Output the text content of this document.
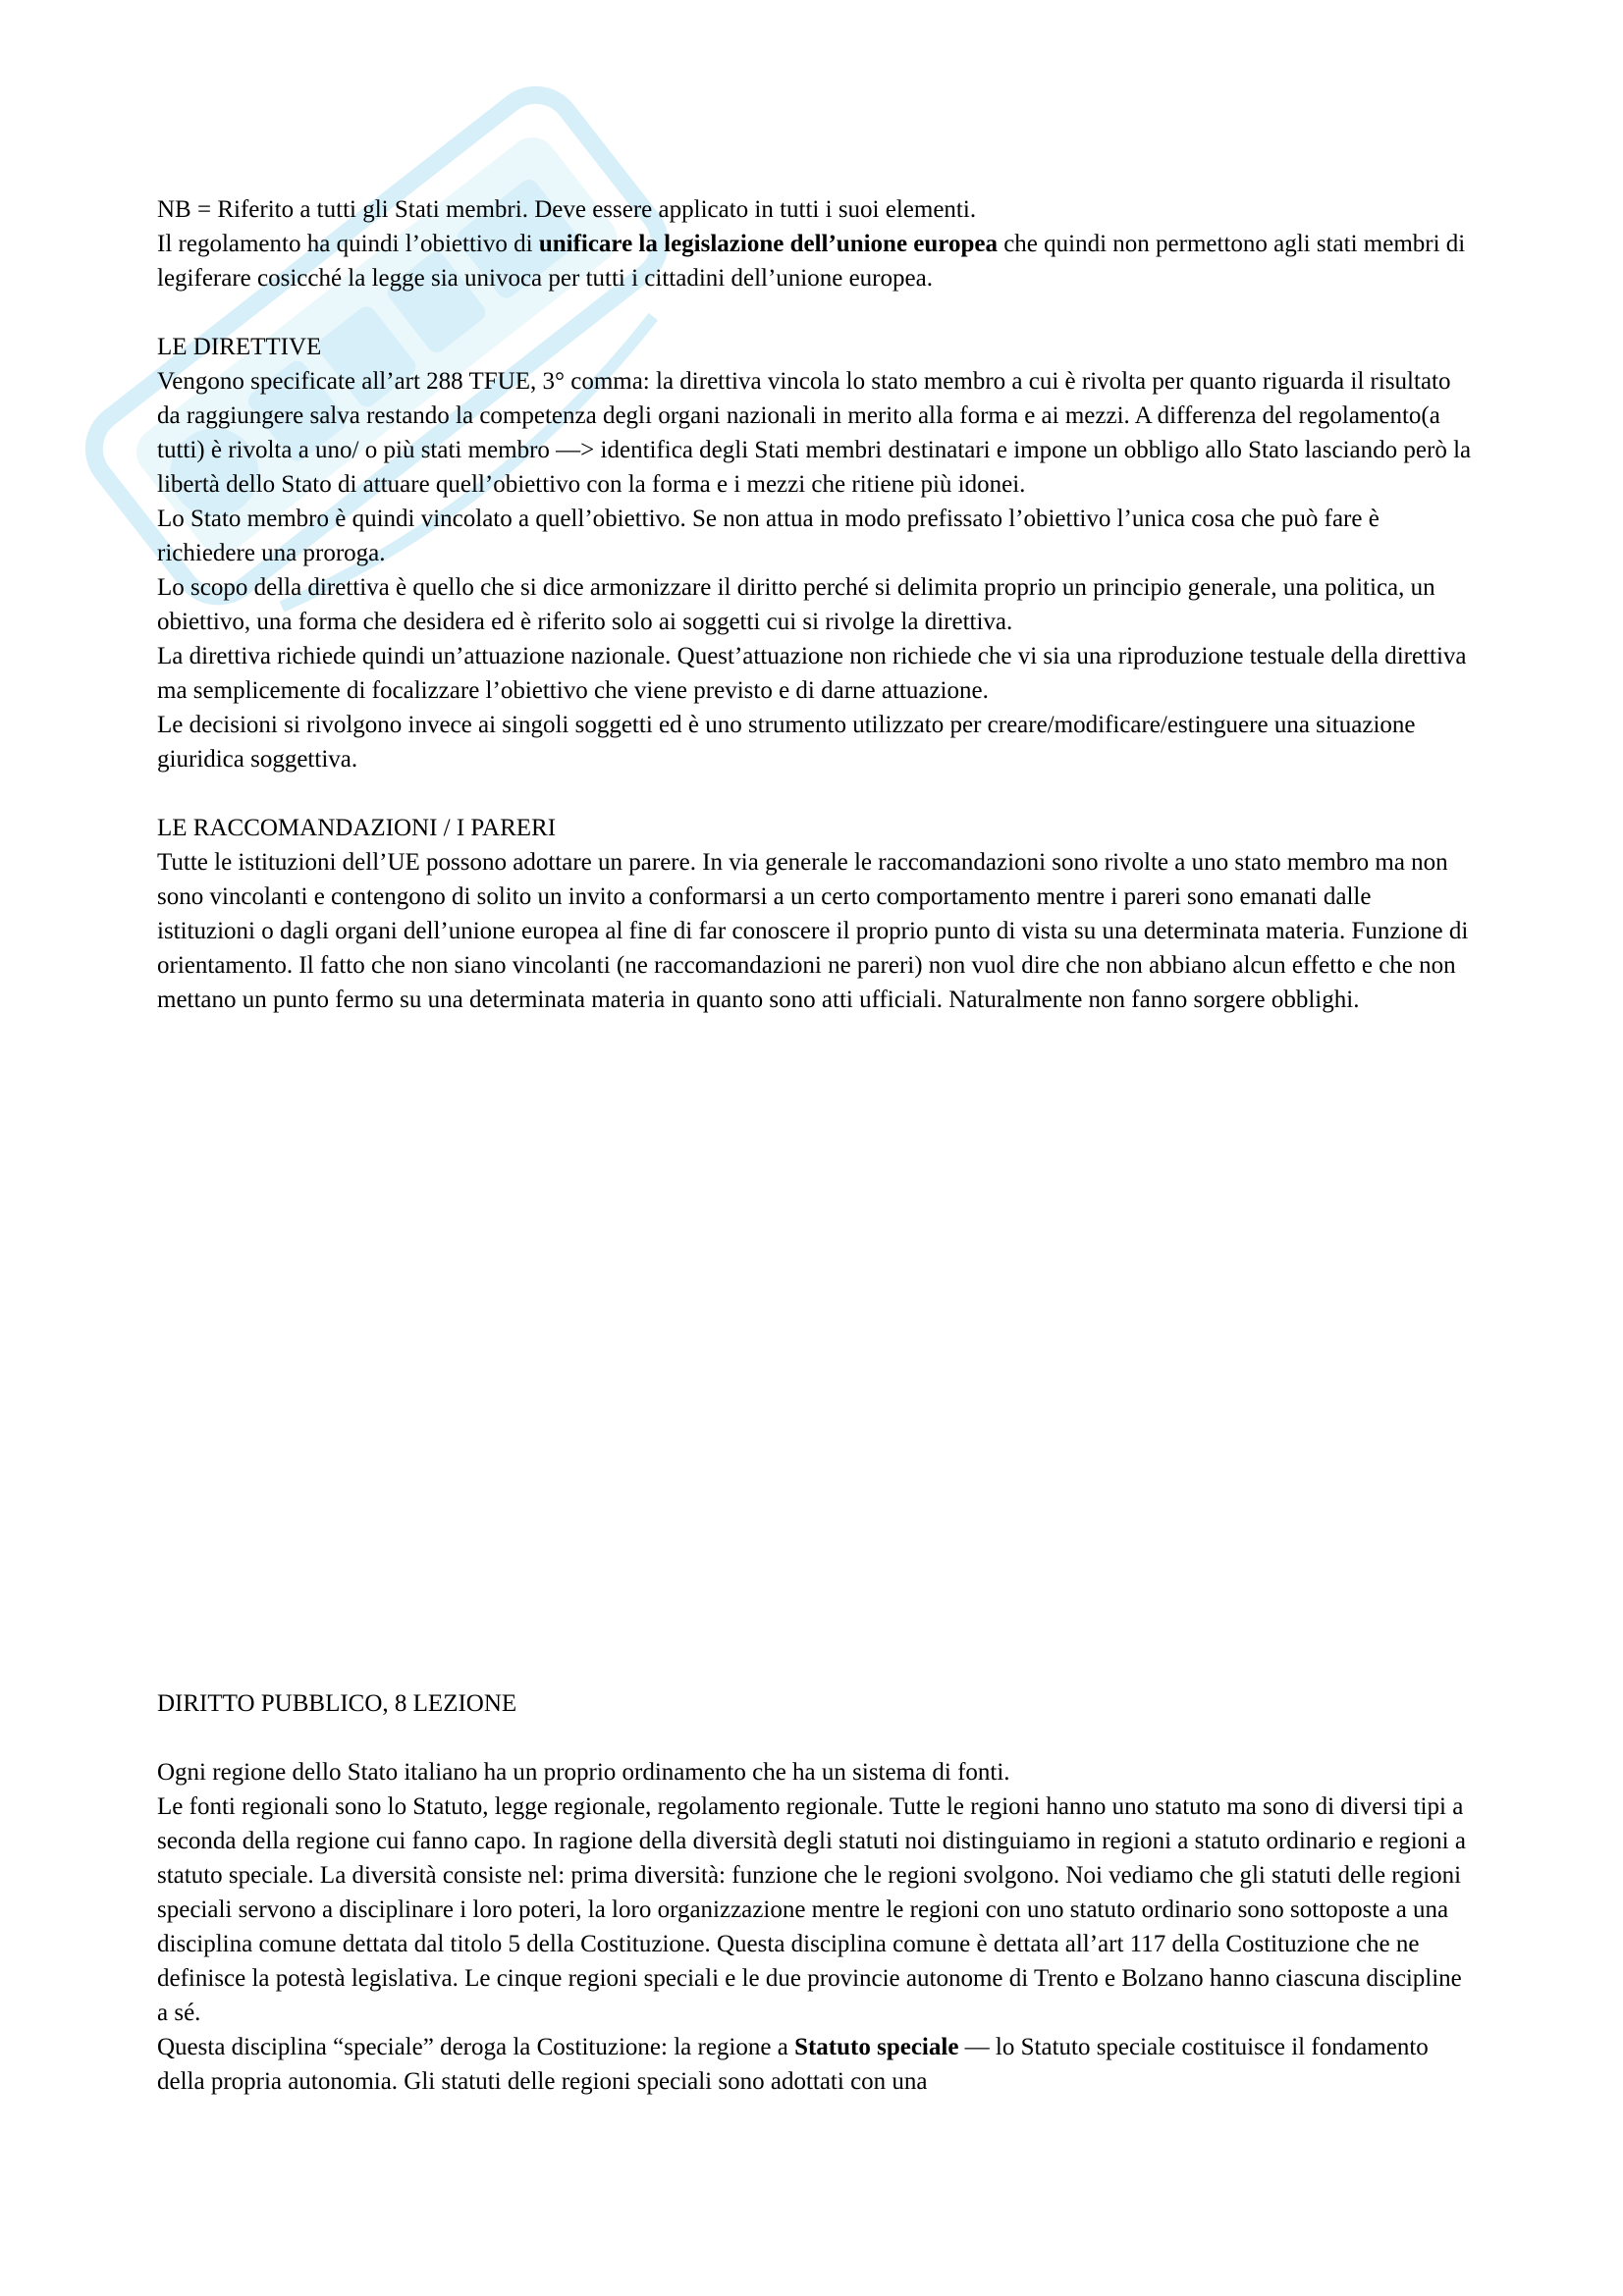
NB = Riferito a tutti gli Stati membri. Deve essere applicato in tutti i suoi elementi.

Il regolamento ha quindi l’obiettivo di unificare la legislazione dell’unione europea che quindi non permettono agli stati membri di legiferare cosicché la legge sia univoca per tutti i cittadini dell’unione europea.

LE DIRETTIVE

Vengono specificate all’art 288 TFUE, 3° comma: la direttiva vincola lo stato membro a cui è rivolta per quanto riguarda il risultato da raggiungere salva restando la competenza degli organi nazionali in merito alla forma e ai mezzi. A differenza del regolamento(a tutti) è rivolta a uno/ o più stati membro —> identifica degli Stati membri destinatari e impone un obbligo allo Stato lasciando però la libertà dello Stato di attuare quell’obiettivo con la forma e i mezzi che ritiene più idonei.

Lo Stato membro è quindi vincolato a quell’obiettivo. Se non attua in modo prefissato l’obiettivo l’unica cosa che può fare è richiedere una proroga.

Lo scopo della direttiva è quello che si dice armonizzare il diritto perché si delimita proprio un principio generale, una politica, un obiettivo, una forma che desidera ed è riferito solo ai soggetti cui si rivolge la direttiva.

La direttiva richiede quindi un’attuazione nazionale. Quest’attuazione non richiede che vi sia una riproduzione testuale della direttiva ma semplicemente di focalizzare l’obiettivo che viene previsto e di darne attuazione.

Le decisioni si rivolgono invece ai singoli soggetti ed è uno strumento utilizzato per creare/modificare/estinguere una situazione giuridica soggettiva.

LE RACCOMANDAZIONI / I PARERI

Tutte le istituzioni dell’UE possono adottare un parere. In via generale le raccomandazioni sono rivolte a uno stato membro ma non sono vincolanti e contengono di solito un invito a conformarsi a un certo comportamento mentre i pareri sono emanati dalle istituzioni o dagli organi dell’unione europea al fine di far conoscere il proprio punto di vista su una determinata materia. Funzione di orientamento. Il fatto che non siano vincolanti (ne raccomandazioni ne pareri) non vuol dire che non abbiano alcun effetto e che non mettano un punto fermo su una determinata materia in quanto sono atti ufficiali. Naturalmente non fanno sorgere obblighi.

DIRITTO PUBBLICO, 8 LEZIONE

Ogni regione dello Stato italiano ha un proprio ordinamento che ha un sistema di fonti.

Le fonti regionali sono lo Statuto, legge regionale, regolamento regionale. Tutte le regioni hanno uno statuto ma sono di diversi tipi a seconda della regione cui fanno capo. In ragione della diversità degli statuti noi distinguiamo in regioni a statuto ordinario e regioni a statuto speciale. La diversità consiste nel: prima diversità: funzione che le regioni svolgono. Noi vediamo che gli statuti delle regioni speciali servono a disciplinare i loro poteri, la loro organizzazione mentre le regioni con uno statuto ordinario sono sottoposte a una disciplina comune dettata dal titolo 5 della Costituzione. Questa disciplina comune è dettata all’art 117 della Costituzione che ne definisce la potestà legislativa. Le cinque regioni speciali e le due provincie autonome di Trento e Bolzano hanno ciascuna discipline a sé.

Questa disciplina “speciale” deroga la Costituzione: la regione a Statuto speciale — lo Statuto speciale costituisce il fondamento della propria autonomia. Gli statuti delle regioni speciali sono adottati con una
